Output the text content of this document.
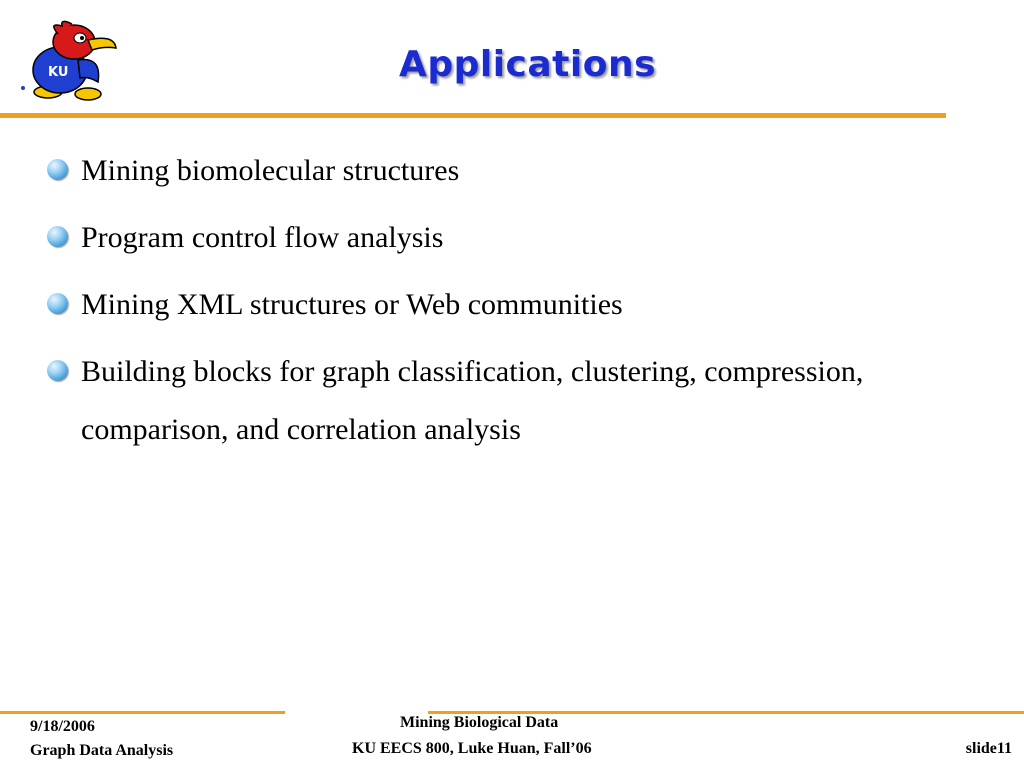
KU	Applications
Mining biomolecular structures
Program control flow analysis
Mining XML structures or Web communities
Building blocks for graph classification, clustering, compression, comparison, and correlation analysis
9/18/2006
Graph Data Analysis
Mining Biological Data
KU EECS 800, Luke Huan, Fall’06	slide11
